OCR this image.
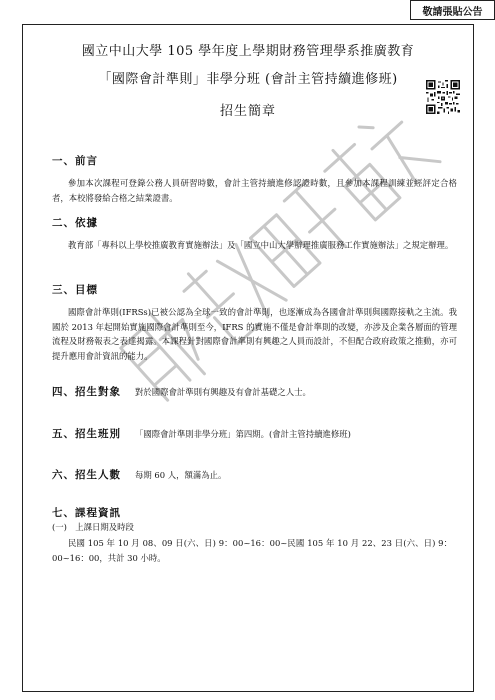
敬請張貼公告
國立中山大學 105 學年度上學期財務管理學系推廣教育
「國際會計準則」非學分班 (會計主管持續進修班)
招生簡章
一、前言
參加本次課程可登錄公務人員研習時數，會計主管持續進修認證時數，且參加本課程訓練並經評定合格者，本校將發給合格之結業證書。
二、依據
教育部「專科以上學校推廣教育實施辦法」及「國立中山大學辦理推廣服務工作實施辦法」之規定辦理。
三、目標
國際會計準則(IFRSs)已被公認為全球一致的會計準則，也逐漸成為各國會計準則與國際接軌之主流。我國於 2013 年起開始實施國際會計準則至今，IFRS 的實施不僅是會計準則的改變，亦涉及企業各層面的管理流程及財務報表之表達揭露。本課程針對國際會計準則有興趣之人員而設計，不但配合政府政策之推動，亦可提升應用會計資訊的能力。
四、招生對象 對於國際會計準則有興趣及有會計基礎之人士。
五、招生班別 「國際會計準則非學分班」第四期。(會計主管持續進修班)
六、招生人數 每期 60 人，額滿為止。
七、課程資訊
(一)　上課日期及時段
民國 105 年 10 月 08、09 日(六、日) 9：00~16：00~民國 105 年 10 月 22、23 日(六、日) 9：00~16：00，共計 30 小時。
